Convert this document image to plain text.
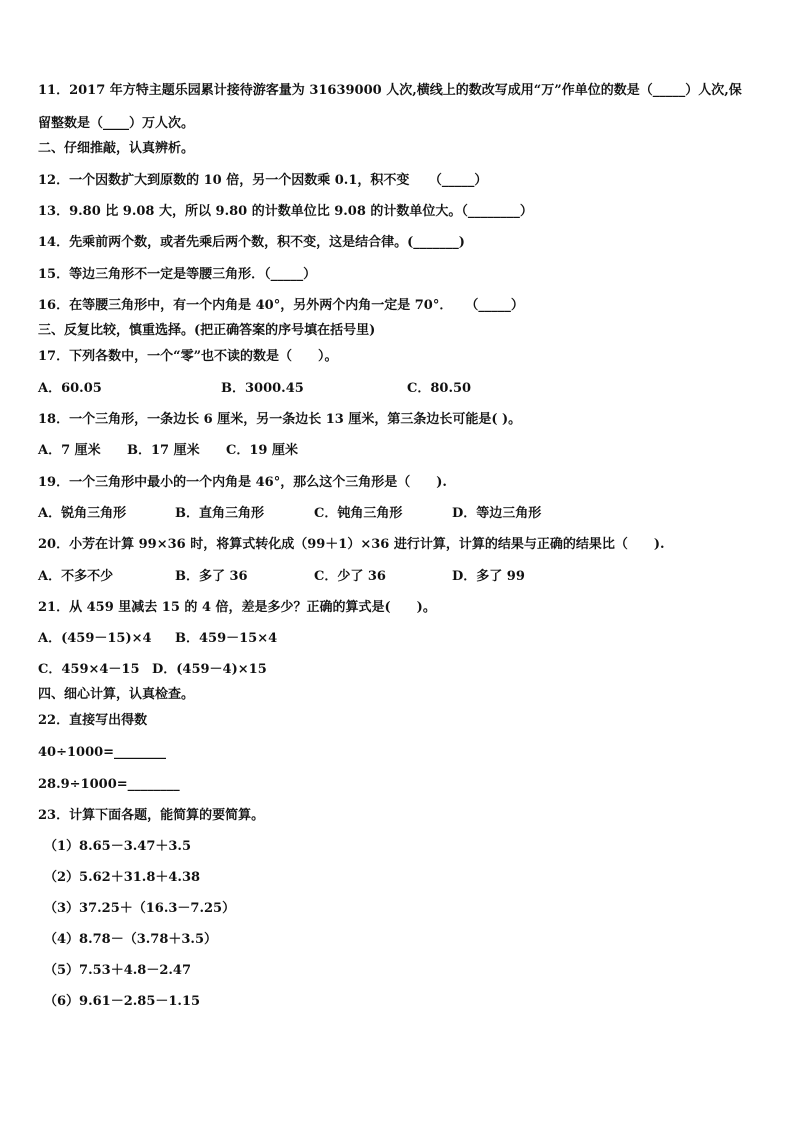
11．2017 年方特主题乐园累计接待游客量为 31639000 人次,横线上的数改写成用“万”作单位的数是（_____）人次,保
留整数是（____）万人次。
二、仔细推敲，认真辨析。
12．一个因数扩大到原数的 10 倍，另一个因数乘 0.1，积不变　　（_____）
13．9.80 比 9.08 大，所以 9.80 的计数单位比 9.08 的计数单位大。（________）
14．先乘前两个数，或者先乘后两个数，积不变，这是结合律。(_______)
15．等边三角形不一定是等腰三角形．（_____）
16．在等腰三角形中，有一个内角是 40°，另外两个内角一定是 70°．　　（_____）
三、反复比较，慎重选择。(把正确答案的序号填在括号里)
17．下列各数中，一个“零”也不读的数是（　　）。
A．60.05	B．3000.45	C．80.50
18．一个三角形，一条边长 6 厘米，另一条边长 13 厘米，第三条边长可能是( )。
A．7 厘米 B．17 厘米 C．19 厘米
19．一个三角形中最小的一个内角是 46°，那么这个三角形是（　　).
A．锐角三角形	B．直角三角形	C．钝角三角形	D．等边三角形
20．小芳在计算 99×36 时，将算式转化成（99＋1）×36 进行计算，计算的结果与正确的结果比（　　).
A．不多不少	B．多了 36	C．少了 36	D．多了 99
21．从 459 里减去 15 的 4 倍，差是多少？正确的算式是(　　)。
A．(459－15)×4 B．459－15×4
C．459×4－15 D．(459－4)×15
四、细心计算，认真检查。
22．直接写出得数
40÷1000=________
28.9÷1000=________
23．计算下面各题，能简算的要简算。
（1）8.65－3.47＋3.5
（2）5.62＋31.8＋4.38
（3）37.25＋（16.3－7.25）
（4）8.78－（3.78＋3.5）
（5）7.53＋4.8－2.47
（6）9.61－2.85－1.15
